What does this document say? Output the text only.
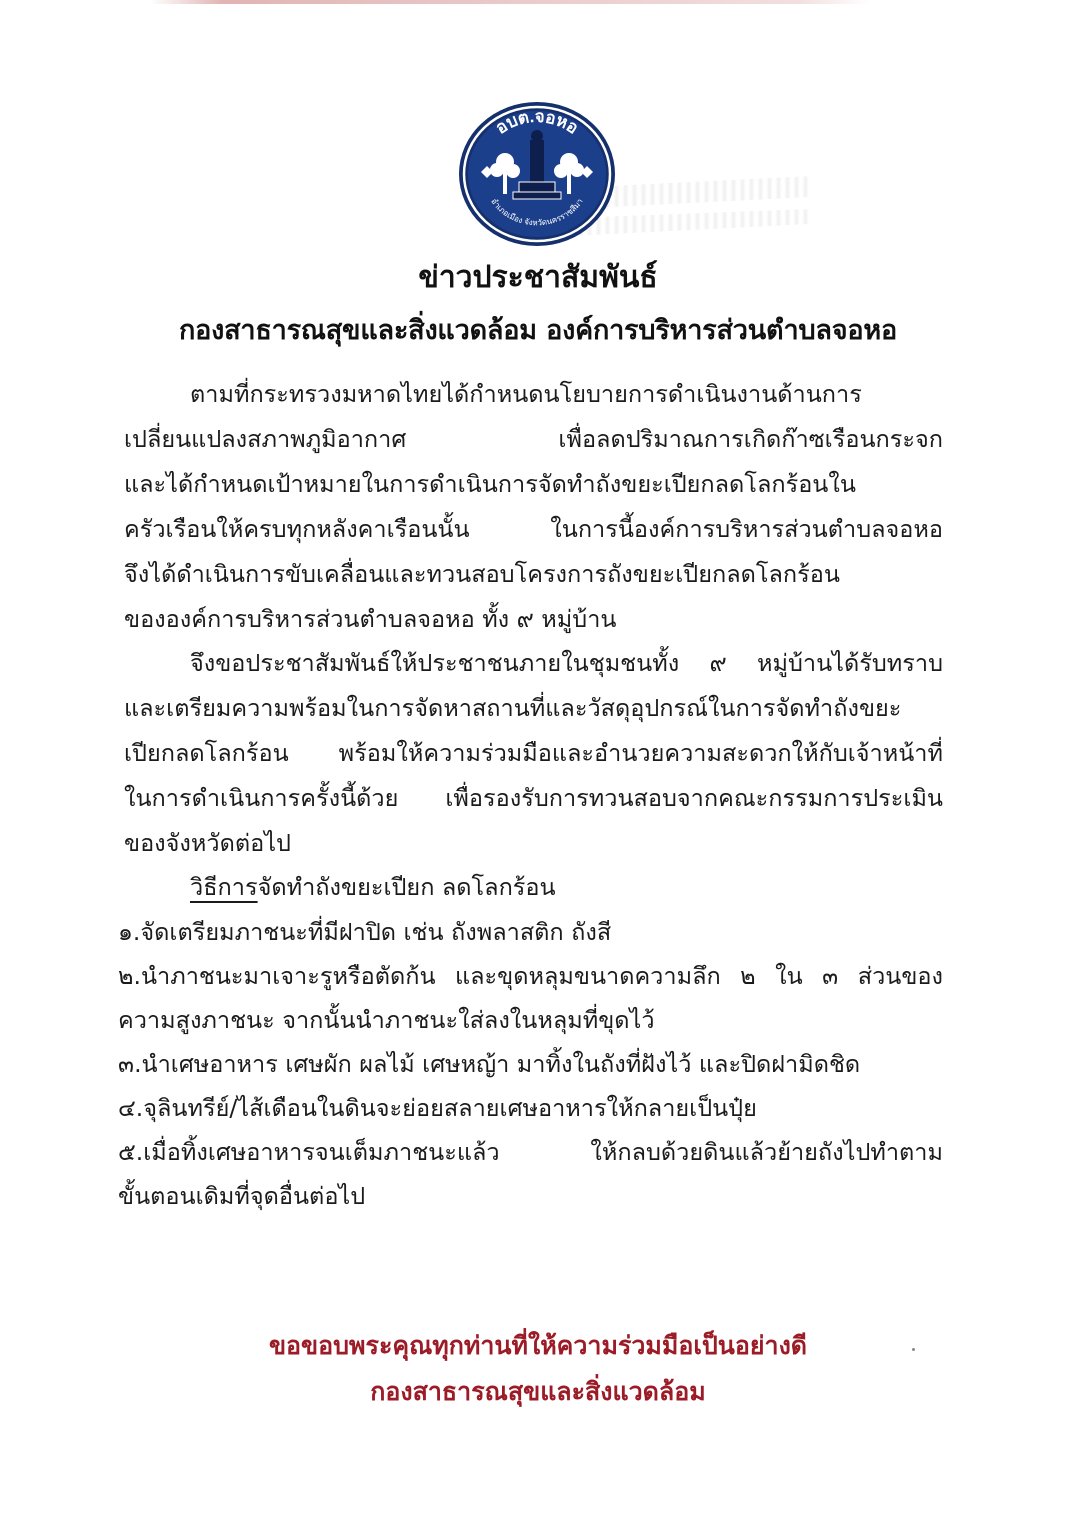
อบต.จอหอ
อำเภอเมือง จังหวัดนครราชสีมา
ข่าวประชาสัมพันธ์
กองสาธารณสุขและสิ่งแวดล้อม องค์การบริหารส่วนตำบลจอหอ
ตามที่กระทรวงมหาดไทยได้กำหนดนโยบายการดำเนินงานด้านการ
เปลี่ยนแปลงสภาพภูมิอากาศ เพื่อลดปริมาณการเกิดก๊าซเรือนกระจก
และได้กำหนดเป้าหมายในการดำเนินการจัดทำถังขยะเปียกลดโลกร้อนใน
ครัวเรือนให้ครบทุกหลังคาเรือนนั้น ในการนี้องค์การบริหารส่วนตำบลจอหอ
จึงได้ดำเนินการขับเคลื่อนและทวนสอบโครงการถังขยะเปียกลดโลกร้อน
ขององค์การบริหารส่วนตำบลจอหอ ทั้ง ๙ หมู่บ้าน
จึงขอประชาสัมพันธ์ให้ประชาชนภายในชุมชนทั้ง ๙ หมู่บ้านได้รับทราบ
และเตรียมความพร้อมในการจัดหาสถานที่และวัสดุอุปกรณ์ในการจัดทำถังขยะ
เปียกลดโลกร้อน พร้อมให้ความร่วมมือและอำนวยความสะดวกให้กับเจ้าหน้าที่
ในการดำเนินการครั้งนี้ด้วย เพื่อรองรับการทวนสอบจากคณะกรรมการประเมิน
ของจังหวัดต่อไป
วิธีการจัดทำถังขยะเปียก ลดโลกร้อน
๑.จัดเตรียมภาชนะที่มีฝาปิด เช่น ถังพลาสติก ถังสี
๒.นำภาชนะมาเจาะรูหรือตัดก้น และขุดหลุมขนาดความลึก ๒ ใน ๓ ส่วนของ
ความสูงภาชนะ จากนั้นนำภาชนะใส่ลงในหลุมที่ขุดไว้
๓.นำเศษอาหาร เศษผัก ผลไม้ เศษหญ้า มาทิ้งในถังที่ฝังไว้ และปิดฝามิดชิด
๔.จุลินทรีย์/ไส้เดือนในดินจะย่อยสลายเศษอาหารให้กลายเป็นปุ๋ย
๕.เมื่อทิ้งเศษอาหารจนเต็มภาชนะแล้ว ให้กลบด้วยดินแล้วย้ายถังไปทำตาม
ขั้นตอนเดิมที่จุดอื่นต่อไป
ขอขอบพระคุณทุกท่านที่ให้ความร่วมมือเป็นอย่างดี
กองสาธารณสุขและสิ่งแวดล้อม
